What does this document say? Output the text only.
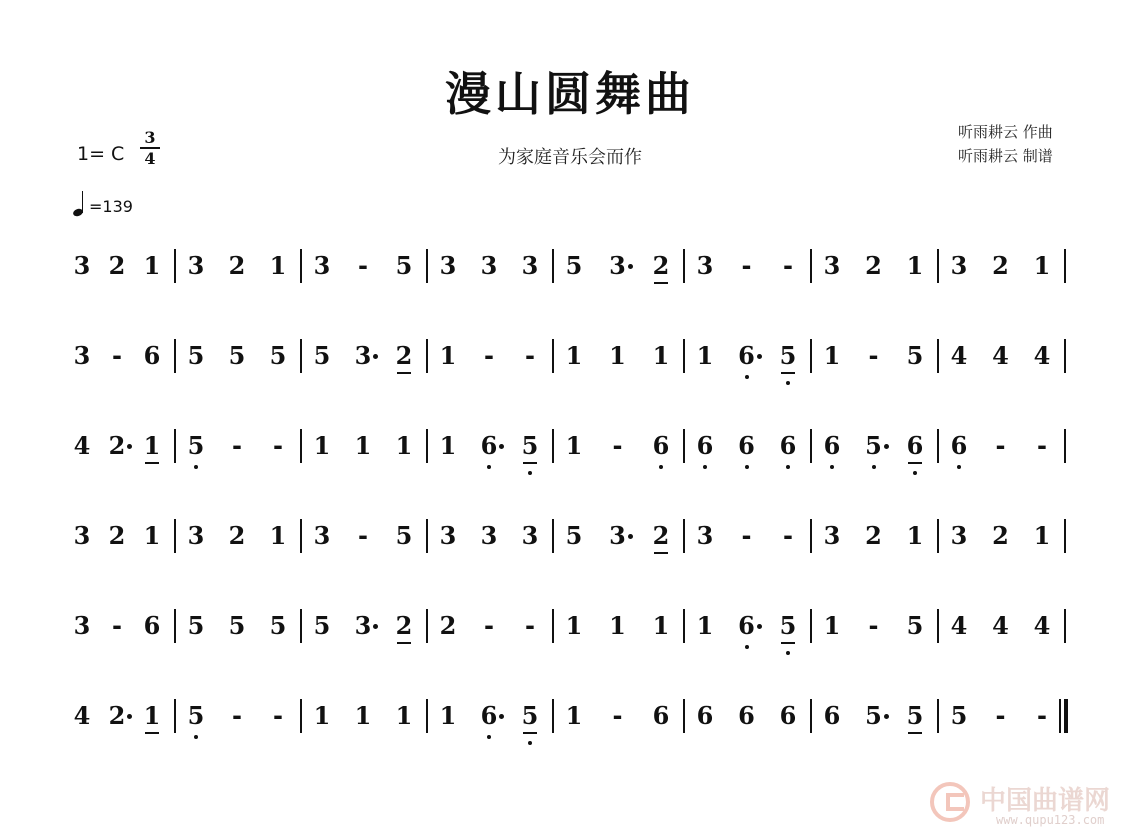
漫山圆舞曲
为家庭音乐会而作
听雨耕云 作曲
听雨耕云 制谱
1= C
3
4
=139
3 2 1 3 2 1 3	-	5 3 3 3 5 3 2 3	-	-	3 2 1 3 2 1
3 - 6 5 5 5 5 3 2 1	-	-	1 1 1 1 6 5 1	-	5 4 4 4
4 2 1 5	-	-	1 1 1 1 6 5 1	-	6 6 6 6 6 5 6 6	-	-
3 2 1 3 2 1 3	-	5 3 3 3 5 3 2 3	-	-	3 2 1 3 2 1
3 - 6 5 5 5 5 3 2 2	-	-	1 1 1 1 6 5 1	-	5 4 4 4
4 2 1 5	-	-	1 1 1 1 6 5 1	-	6 6 6 6 6 5 5 5	-	-
中国曲谱网
www.qupu123.com
